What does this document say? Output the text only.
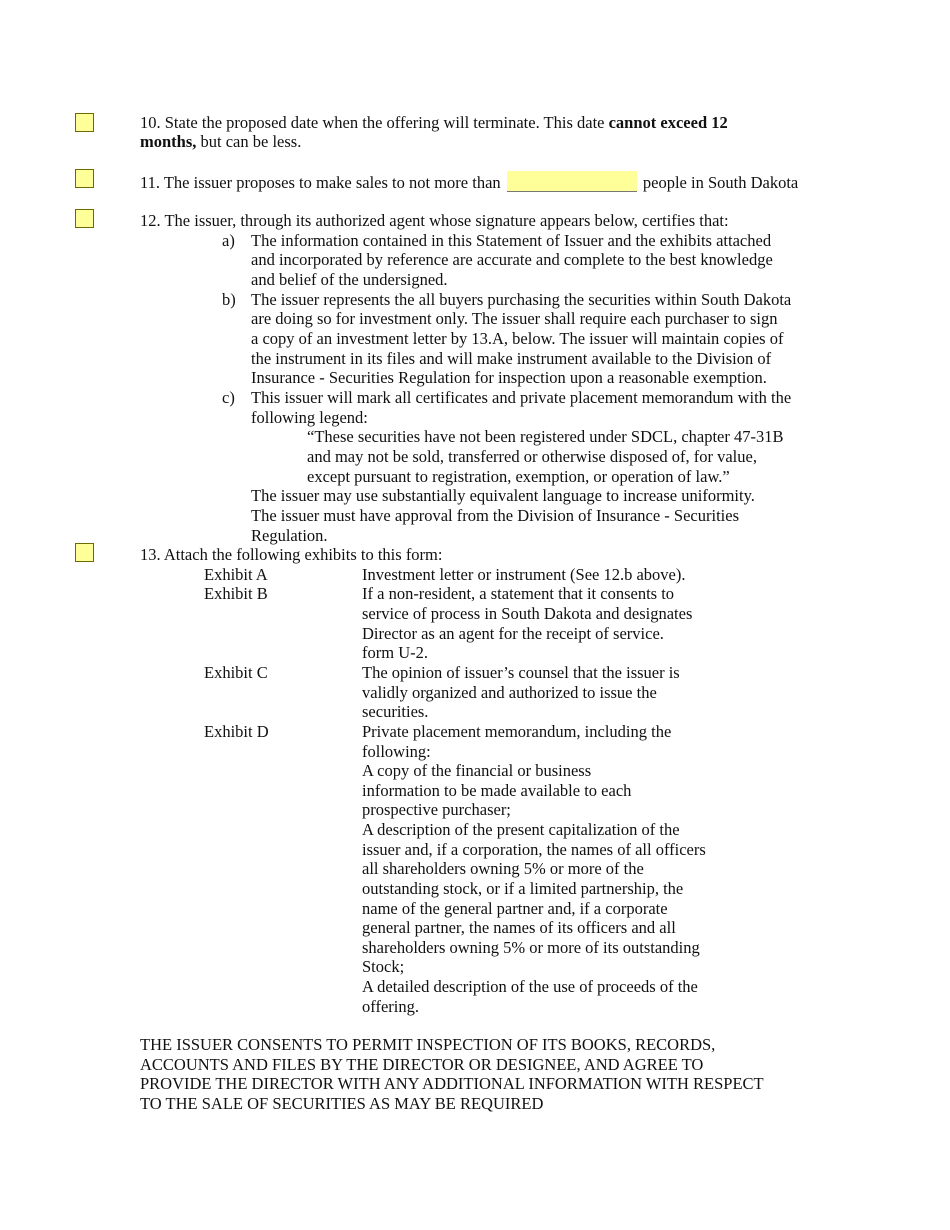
10. State the proposed date when the offering will terminate. This date cannot exceed 12
months, but can be less.
11. The issuer proposes to make sales to not more than	people in South Dakota
12. The issuer, through its authorized agent whose signature appears below, certifies that:
a) The information contained in this Statement of Issuer and the exhibits attached
and incorporated by reference are accurate and complete to the best knowledge
and belief of the undersigned.
b) The issuer represents the all buyers purchasing the securities within South Dakota
are doing so for investment only. The issuer shall require each purchaser to sign
a copy of an investment letter by 13.A, below. The issuer will maintain copies of
the instrument in its files and will make instrument available to the Division of
Insurance - Securities Regulation for inspection upon a reasonable exemption.
c) This issuer will mark all certificates and private placement memorandum with the
following legend:
“These securities have not been registered under SDCL, chapter 47-31B
and may not be sold, transferred or otherwise disposed of, for value,
except pursuant to registration, exemption, or operation of law.”
The issuer may use substantially equivalent language to increase uniformity.
The issuer must have approval from the Division of Insurance - Securities
Regulation.
13. Attach the following exhibits to this form:
Exhibit A	Investment letter or instrument (See 12.b above).
Exhibit B	If a non-resident, a statement that it consents to
service of process in South Dakota and designates
Director as an agent for the receipt of service.
form U-2.
Exhibit C	The opinion of issuer’s counsel that the issuer is
validly organized and authorized to issue the
securities.
Exhibit D	Private placement memorandum, including the
following:
A copy of the financial or business
information to be made available to each
prospective purchaser;
A description of the present capitalization of the
issuer and, if a corporation, the names of all officers
all shareholders owning 5% or more of the
outstanding stock, or if a limited partnership, the
name of the general partner and, if a corporate
general partner, the names of its officers and all
shareholders owning 5% or more of its outstanding
Stock;
A detailed description of the use of proceeds of the
offering.
THE ISSUER CONSENTS TO PERMIT INSPECTION OF ITS BOOKS, RECORDS,
ACCOUNTS AND FILES BY THE DIRECTOR OR DESIGNEE, AND AGREE TO
PROVIDE THE DIRECTOR WITH ANY ADDITIONAL INFORMATION WITH RESPECT
TO THE SALE OF SECURITIES AS MAY BE REQUIRED
